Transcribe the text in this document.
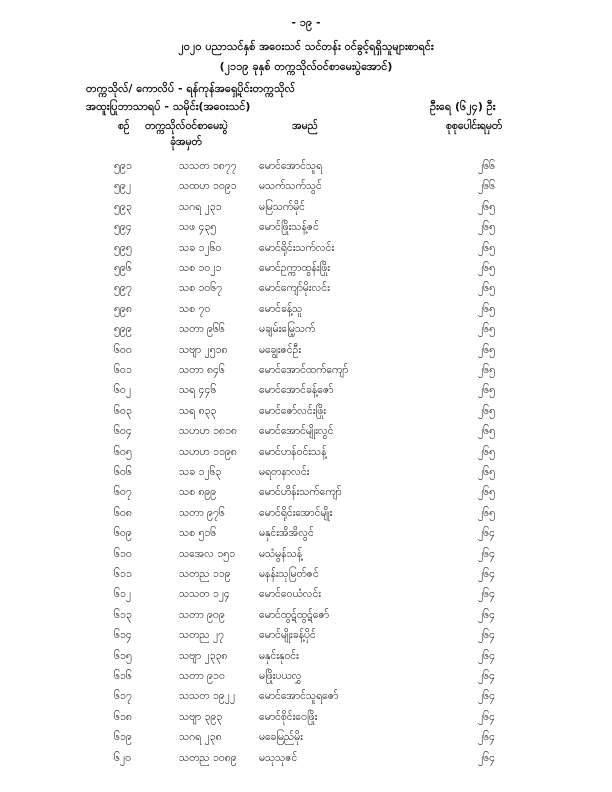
- ၁၉ -
၂၀၂၀ ပညာသင်နှစ် အဝေးသင် သင်တန်း ဝင်ခွင့်ရရှိသူများစာရင်း
(၂၁၁၉ ခုနှစ် တက္ကသိုလ်ဝင်စာမေးပွဲအောင်)
တက္ကသိုလ်/ ကောလိပ် - ရန်ကုန်အရှေ့ပိုင်းတက္ကသိုလ်
အထူးပြုဘာသာရပ် - သမိုင်း(အဝေးသင်)	ဦးရေ (၆၂၄) ဦး
စဉ် တက္ကသိုလ်ဝင်စာမေးပွဲ
ခုံအမှတ်
အမည်	စုစုပေါင်းရမှတ်
၅၉၁	သသတ ၁၈၇၇ မောင်အောင်သူရ	၂၆၆
၅၉၂	သထဟ ၁၀၉၁ မသက်သက်သွင်	၂၆၆
၅၉၃	သဂရ ၂၃၁	မမြသက်မိုင်	၂၆၅
၅၉၄	သဖ ၄၃၅	မောင်ဖြိုးသန့်ဇင်	၂၆၅
၅၉၅	သခ ၁၂၆၀	မောင်ရိုင်းသက်လင်း	၂၆၅
၅၉၆	သစ ၁၀၂၁	မောင်ဥက္ကာထွန်းဖြိုး	၂၆၅
၅၉၇	သစ ၁၀၆၇	မောင်ကျော်မိုးလင်း	၂၆၅
၅၉၈	သစ ၇၀	မောင်ခန့်သူ	၂၆၅
၅၉၉	သတာ ၉၆၆	မချမ်းမြေ့သက်	၂၆၅
၆၀၀	သဗျာ ၂၅၁၈	မချွေးဇင်ဦး	၂၆၅
၆၀၁	သတာ ၈၄၆	မောင်အောင်ထက်ကျော်	၂၆၅
၆၀၂	သရ ၄၄၆	မောင်အောင်ခန့်ဇော်	၂၆၅
၆၀၃	သရ ၈၃၃	မောင်ဇော်လင်းဖြိုး	၂၆၅
၆၀၄	သဟဟ ၁၈၁၈ မောင်အောင်မျိုးလွင်	၂၆၅
၆၀၅	သဟဟ ၁၁၉၈ မောင်ဟန်ဝင်းသန့်	၂၆၅
၆၀၆	သခ ၁၂၆၃	မရတနာလင်း	၂၆၅
၆၀၇	သစ ၈၉၉	မောင်ဟိန်းသက်ကျော်	၂၆၅
၆၀၈	သတာ ၉၇၆	မောင်ရိုင်းအောင်မျိုး	၂၆၅
၆၀၉	သစ ၅၁၆	မနှင်းအိအိလွင်	၂၆၄
၆၁၀	သအေလ ၁၅၁ မသံမွန်သန့်	၂၆၄
၆၁၁	သတည ၁၁၉	မနန်းသုမြတ်ဇင်	၂၆၄
၆၁၂	သသတ ၁၂၄	မောင်ဝေယံလင်း	၂၆၄
၆၁၃	သတာ ၉၀၉	မောင်ထွဋ်ထွဋ်ဇော်	၂၆၄
၆၁၄	သတည ၂၇	မောင်မျိုးခန့်ပိုင်	၂၆၄
၆၁၅	သဗျာ ၂၃၃၈	မနှင်းနုဝင်း	၂၆၄
၆၁၆	သတာ ၉၁၀	မဖြိုးပယလွှ	၂၆၄
၆၁၇	သသတ ၁၉၂၂ မောင်အောင်သူရဇော်	၂၆၄
၆၁၈	သဗျာ ၃၉၃	မောင်စိုင်းဝေဖြိုး	၂၆၄
၆၁၉	သဂရ ၂၃၈	မခေမြည်မိုး	၂၆၄
၆၂၀	သတည ၁၀၈၉ မသုသုဇင်	၂၆၄
